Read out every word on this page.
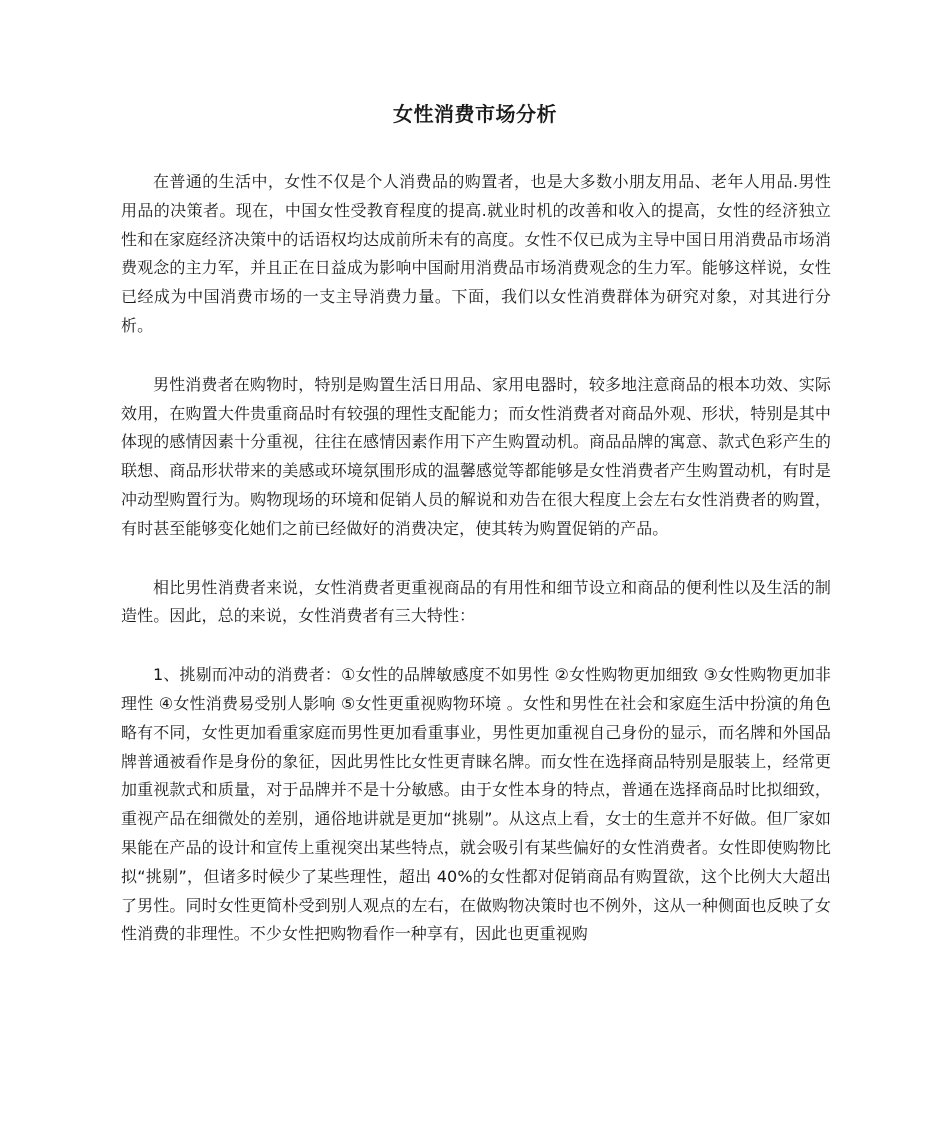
女性消费市场分析

在普通的生活中，女性不仅是个人消费品的购置者，也是大多数小朋友用品、老年人用品.男性用品的决策者。现在，中国女性受教育程度的提高.就业时机的改善和收入的提高，女性的经济独立性和在家庭经济决策中的话语权均达成前所未有的高度。女性不仅已成为主导中国日用消费品市场消费观念的主力军，并且正在日益成为影响中国耐用消费品市场消费观念的生力军。能够这样说，女性已经成为中国消费市场的一支主导消费力量。下面，我们以女性消费群体为研究对象，对其进行分析。

男性消费者在购物时，特别是购置生活日用品、家用电器时，较多地注意商品的根本功效、实际效用，在购置大件贵重商品时有较强的理性支配能力；而女性消费者对商品外观、形状，特别是其中体现的感情因素十分重视，往往在感情因素作用下产生购置动机。商品品牌的寓意、款式色彩产生的联想、商品形状带来的美感或环境氛围形成的温馨感觉等都能够是女性消费者产生购置动机，有时是冲动型购置行为。购物现场的环境和促销人员的解说和劝告在很大程度上会左右女性消费者的购置，有时甚至能够变化她们之前已经做好的消费决定，使其转为购置促销的产品。

相比男性消费者来说，女性消费者更重视商品的有用性和细节设立和商品的便利性以及生活的制造性。因此，总的来说，女性消费者有三大特性：

1、挑剔而冲动的消费者：①女性的品牌敏感度不如男性 ②女性购物更加细致 ③女性购物更加非理性 ④女性消费易受别人影响 ⑤女性更重视购物环境 。女性和男性在社会和家庭生活中扮演的角色略有不同，女性更加看重家庭而男性更加看重事业，男性更加重视自己身份的显示，而名牌和外国品牌普通被看作是身份的象征，因此男性比女性更青睐名牌。而女性在选择商品特别是服装上，经常更加重视款式和质量，对于品牌并不是十分敏感。由于女性本身的特点，普通在选择商品时比拟细致，重视产品在细微处的差别，通俗地讲就是更加“挑剔”。从这点上看，女士的生意并不好做。但厂家如果能在产品的设计和宣传上重视突出某些特点，就会吸引有某些偏好的女性消费者。女性即使购物比拟“挑剔”，但诸多时候少了某些理性，超出 40%的女性都对促销商品有购置欲，这个比例大大超出了男性。同时女性更简朴受到别人观点的左右，在做购物决策时也不例外，这从一种侧面也反映了女性消费的非理性。不少女性把购物看作一种享有，因此也更重视购
